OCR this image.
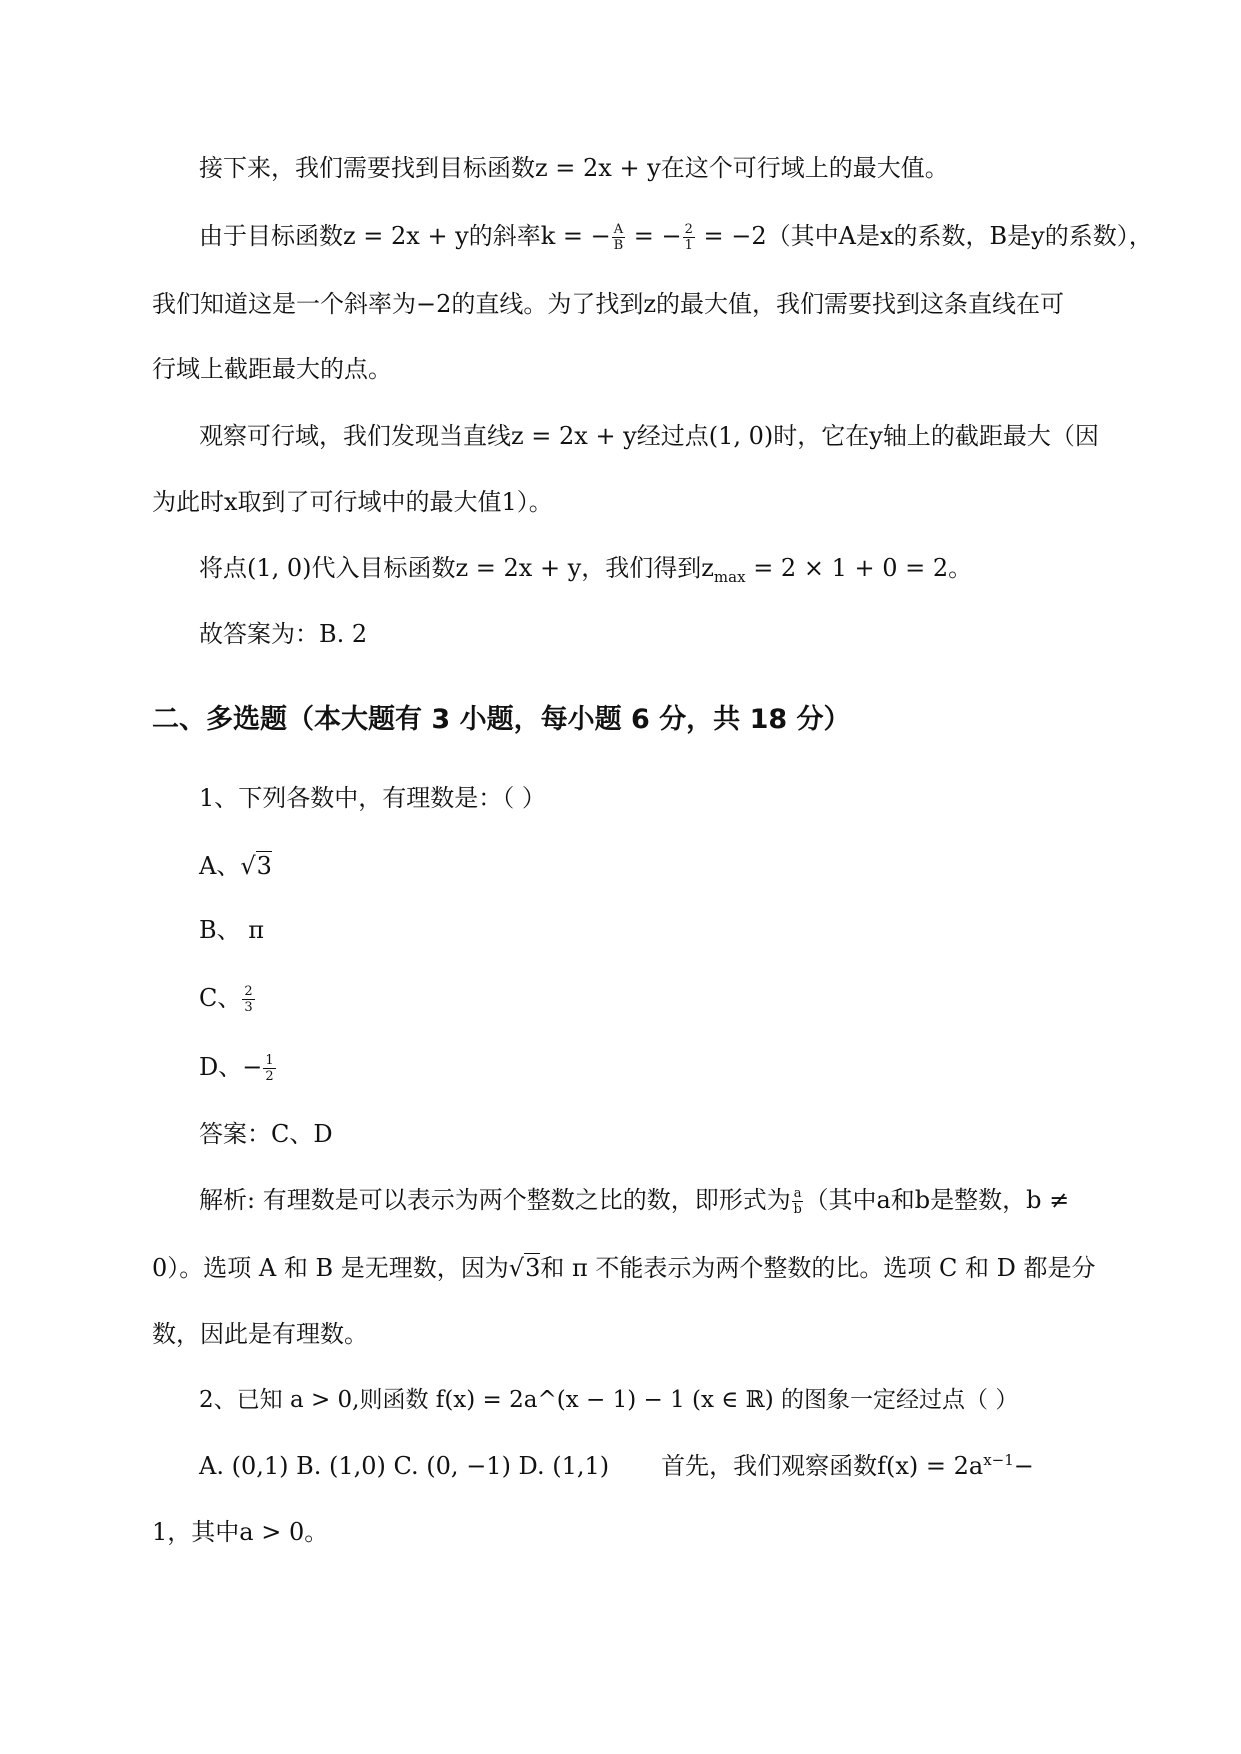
接下来，我们需要找到目标函数z = 2x + y在这个可行域上的最大值。
由于目标函数z = 2x + y的斜率k = − $\frac{A}{B}$ = − $\frac{2}{1} = -2$（其中A是x的系数，B是y的系数），
我们知道这是一个斜率为−2的直线。为了找到z的最大值，我们需要找到这条直线在可
行域上截距最大的点。
观察可行域，我们发现当直线z = 2x + y经过点(1, 0)时，它在y轴上的截距最大（因
为此时x取到了可行域中的最大值1）。
将点(1, 0)代入目标函数z = 2x + y，我们得到$z_{max} = 2 \times 1 + 0 = 2$。
故答案为：B. 2
二、多选题（本大题有 3 小题，每小题 6 分，共 18 分）
1、下列各数中，有理数是：（ ）
A、√3
B、 π
C、 $\frac{2}{3}$
D、− $\frac{1}{2}$
答案：C、D
解析: 有理数是可以表示为两个整数之比的数，即形式为 $\frac{a}{b}$ （其中a和b是整数，b ≠
0）。选项 A 和 B 是无理数，因为√3和 π 不能表示为两个整数的比。选项 C 和 D 都是分
数，因此是有理数。
2、已知 a > 0,则函数 f(x) = 2a^(x − 1) − 1 (x ∈ ℝ) 的图象一定经过点（ ）
A. (0,1) B. (1,0) C. (0, −1) D. (1,1) 首先，我们观察函数$f(x) = 2a^{x-1}-$
1，其中a > 0。
